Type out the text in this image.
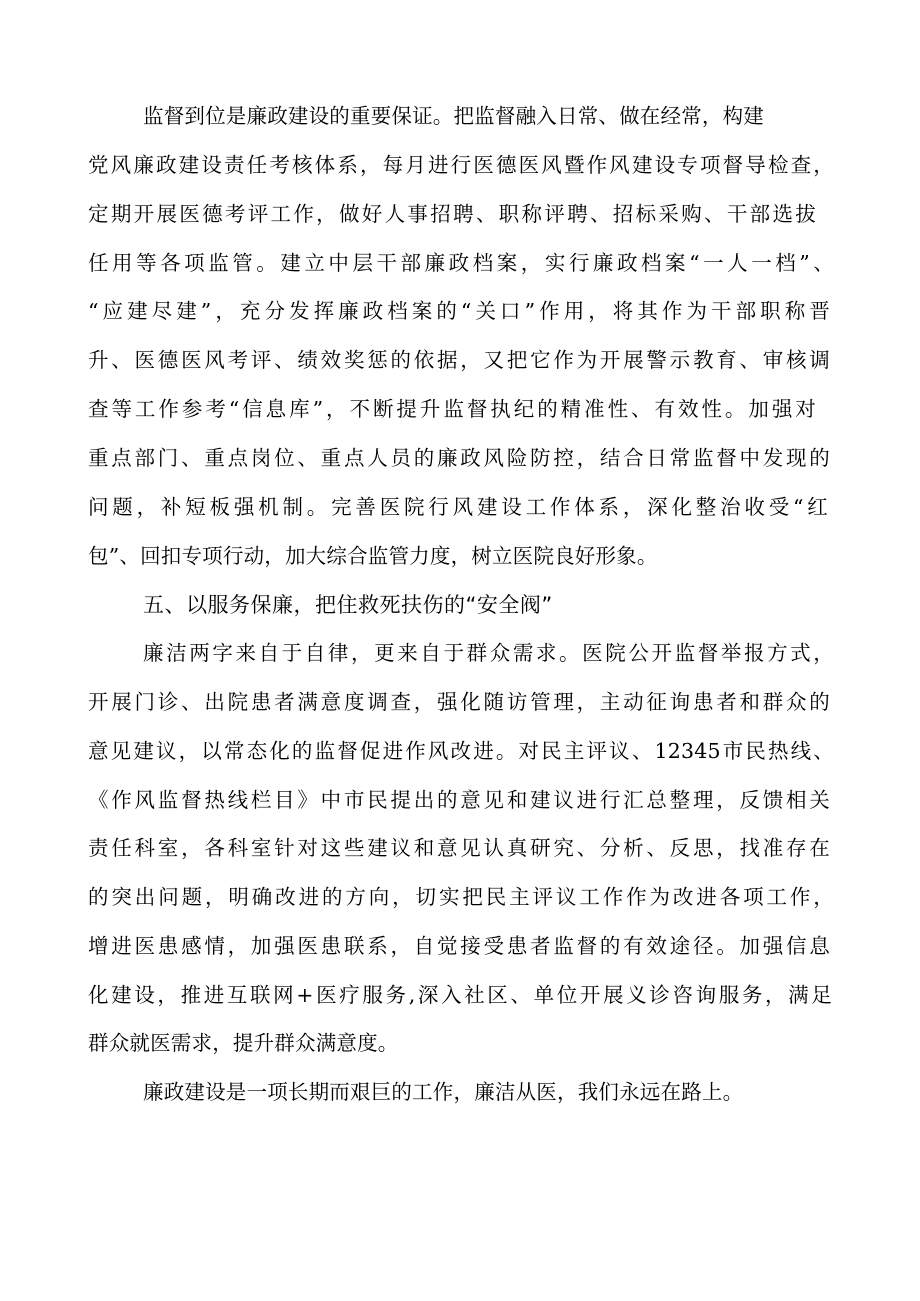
监督到位是廉政建设的重要保证。把监督融入日常、做在经常，构建
党风廉政建设责任考核体系，每月进行医德医风暨作风建设专项督导检查，
定期开展医德考评工作，做好人事招聘、职称评聘、招标采购、干部选拔
任用等各项监管。建立中层干部廉政档案，实行廉政档案“一人一档”、
“应建尽建”，充分发挥廉政档案的“关口”作用，将其作为干部职称晋
升、医德医风考评、绩效奖惩的依据，又把它作为开展警示教育、审核调
查等工作参考“信息库”，不断提升监督执纪的精准性、有效性。加强对
重点部门、重点岗位、重点人员的廉政风险防控，结合日常监督中发现的
问题，补短板强机制。完善医院行风建设工作体系，深化整治收受“红
包”、回扣专项行动，加大综合监管力度，树立医院良好形象。
五、以服务保廉，把住救死扶伤的“安全阀”
廉洁两字来自于自律，更来自于群众需求。医院公开监督举报方式，
开展门诊、出院患者满意度调查，强化随访管理，主动征询患者和群众的
意见建议，以常态化的监督促进作风改进。对民主评议、12345市民热线、
《作风监督热线栏目》中市民提出的意见和建议进行汇总整理，反馈相关
责任科室，各科室针对这些建议和意见认真研究、分析、反思，找准存在
的突出问题，明确改进的方向，切实把民主评议工作作为改进各项工作，
增进医患感情，加强医患联系，自觉接受患者监督的有效途径。加强信息
化建设，推进互联网+医疗服务,深入社区、单位开展义诊咨询服务，满足
群众就医需求，提升群众满意度。
廉政建设是一项长期而艰巨的工作，廉洁从医，我们永远在路上。
